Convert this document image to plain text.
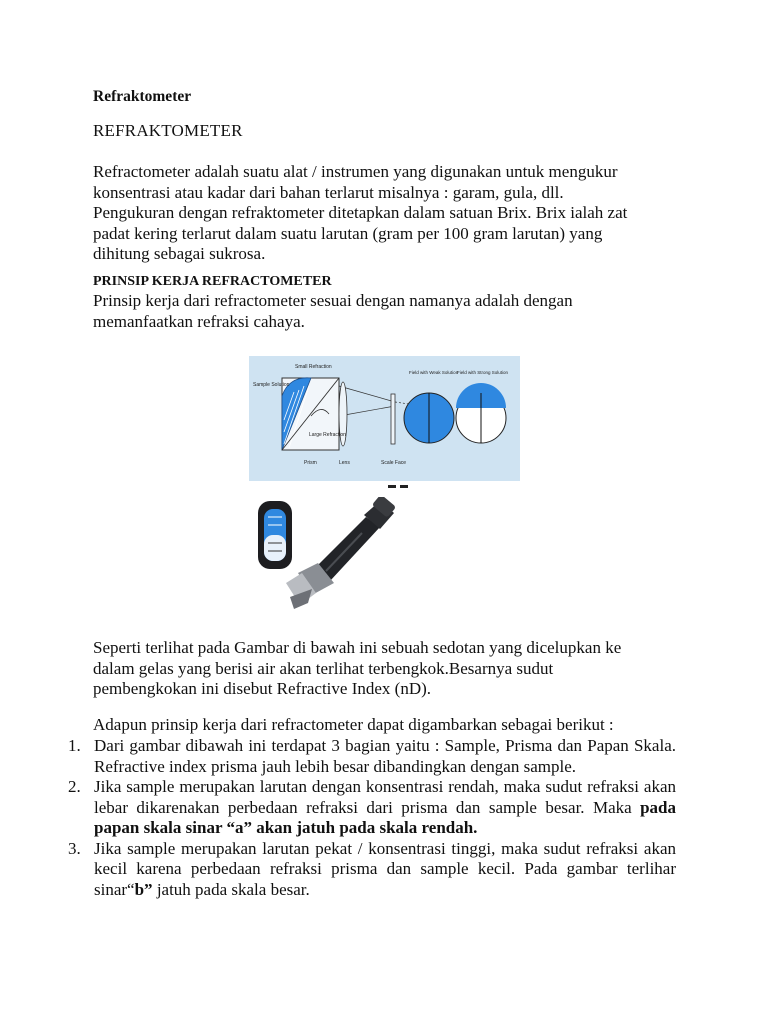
Refraktometer

REFRAKTOMETER

Refractometer adalah suatu alat / instrumen yang digunakan untuk mengukur
konsentrasi atau kadar dari bahan terlarut misalnya : garam, gula, dll.
Pengukuran dengan refraktometer ditetapkan dalam satuan Brix. Brix ialah zat
padat kering terlarut dalam suatu larutan (gram per 100 gram larutan) yang
dihitung sebagai sukrosa.

PRINSIP KERJA REFRACTOMETER

Prinsip kerja dari refractometer sesuai dengan namanya adalah dengan
memanfaatkan refraksi cahaya.
Small Refraction
Sample Solution
Large Refraction
Prism	Lens	Scale Face
Field with Weak Solution
Field with Strong Solution
Seperti terlihat pada Gambar di bawah ini sebuah sedotan yang dicelupkan ke
dalam gelas yang berisi air akan terlihat terbengkok.Besarnya sudut
pembengkokan ini disebut Refractive Index (nD).

Adapun prinsip kerja dari refractometer dapat digambarkan sebagai berikut :

1. Dari gambar dibawah ini terdapat 3 bagian yaitu : Sample, Prisma dan Papan Skala. Refractive index prisma jauh lebih besar dibandingkan dengan sample.
2. Jika sample merupakan larutan dengan konsentrasi rendah, maka sudut refraksi akan lebar dikarenakan perbedaan refraksi dari prisma dan sample besar. Maka pada papan skala sinar “a” akan jatuh pada skala rendah.
3. Jika sample merupakan larutan pekat / konsentrasi tinggi, maka sudut refraksi akan kecil karena perbedaan refraksi prisma dan sample kecil. Pada gambar terlihar sinar“b” jatuh pada skala besar.
